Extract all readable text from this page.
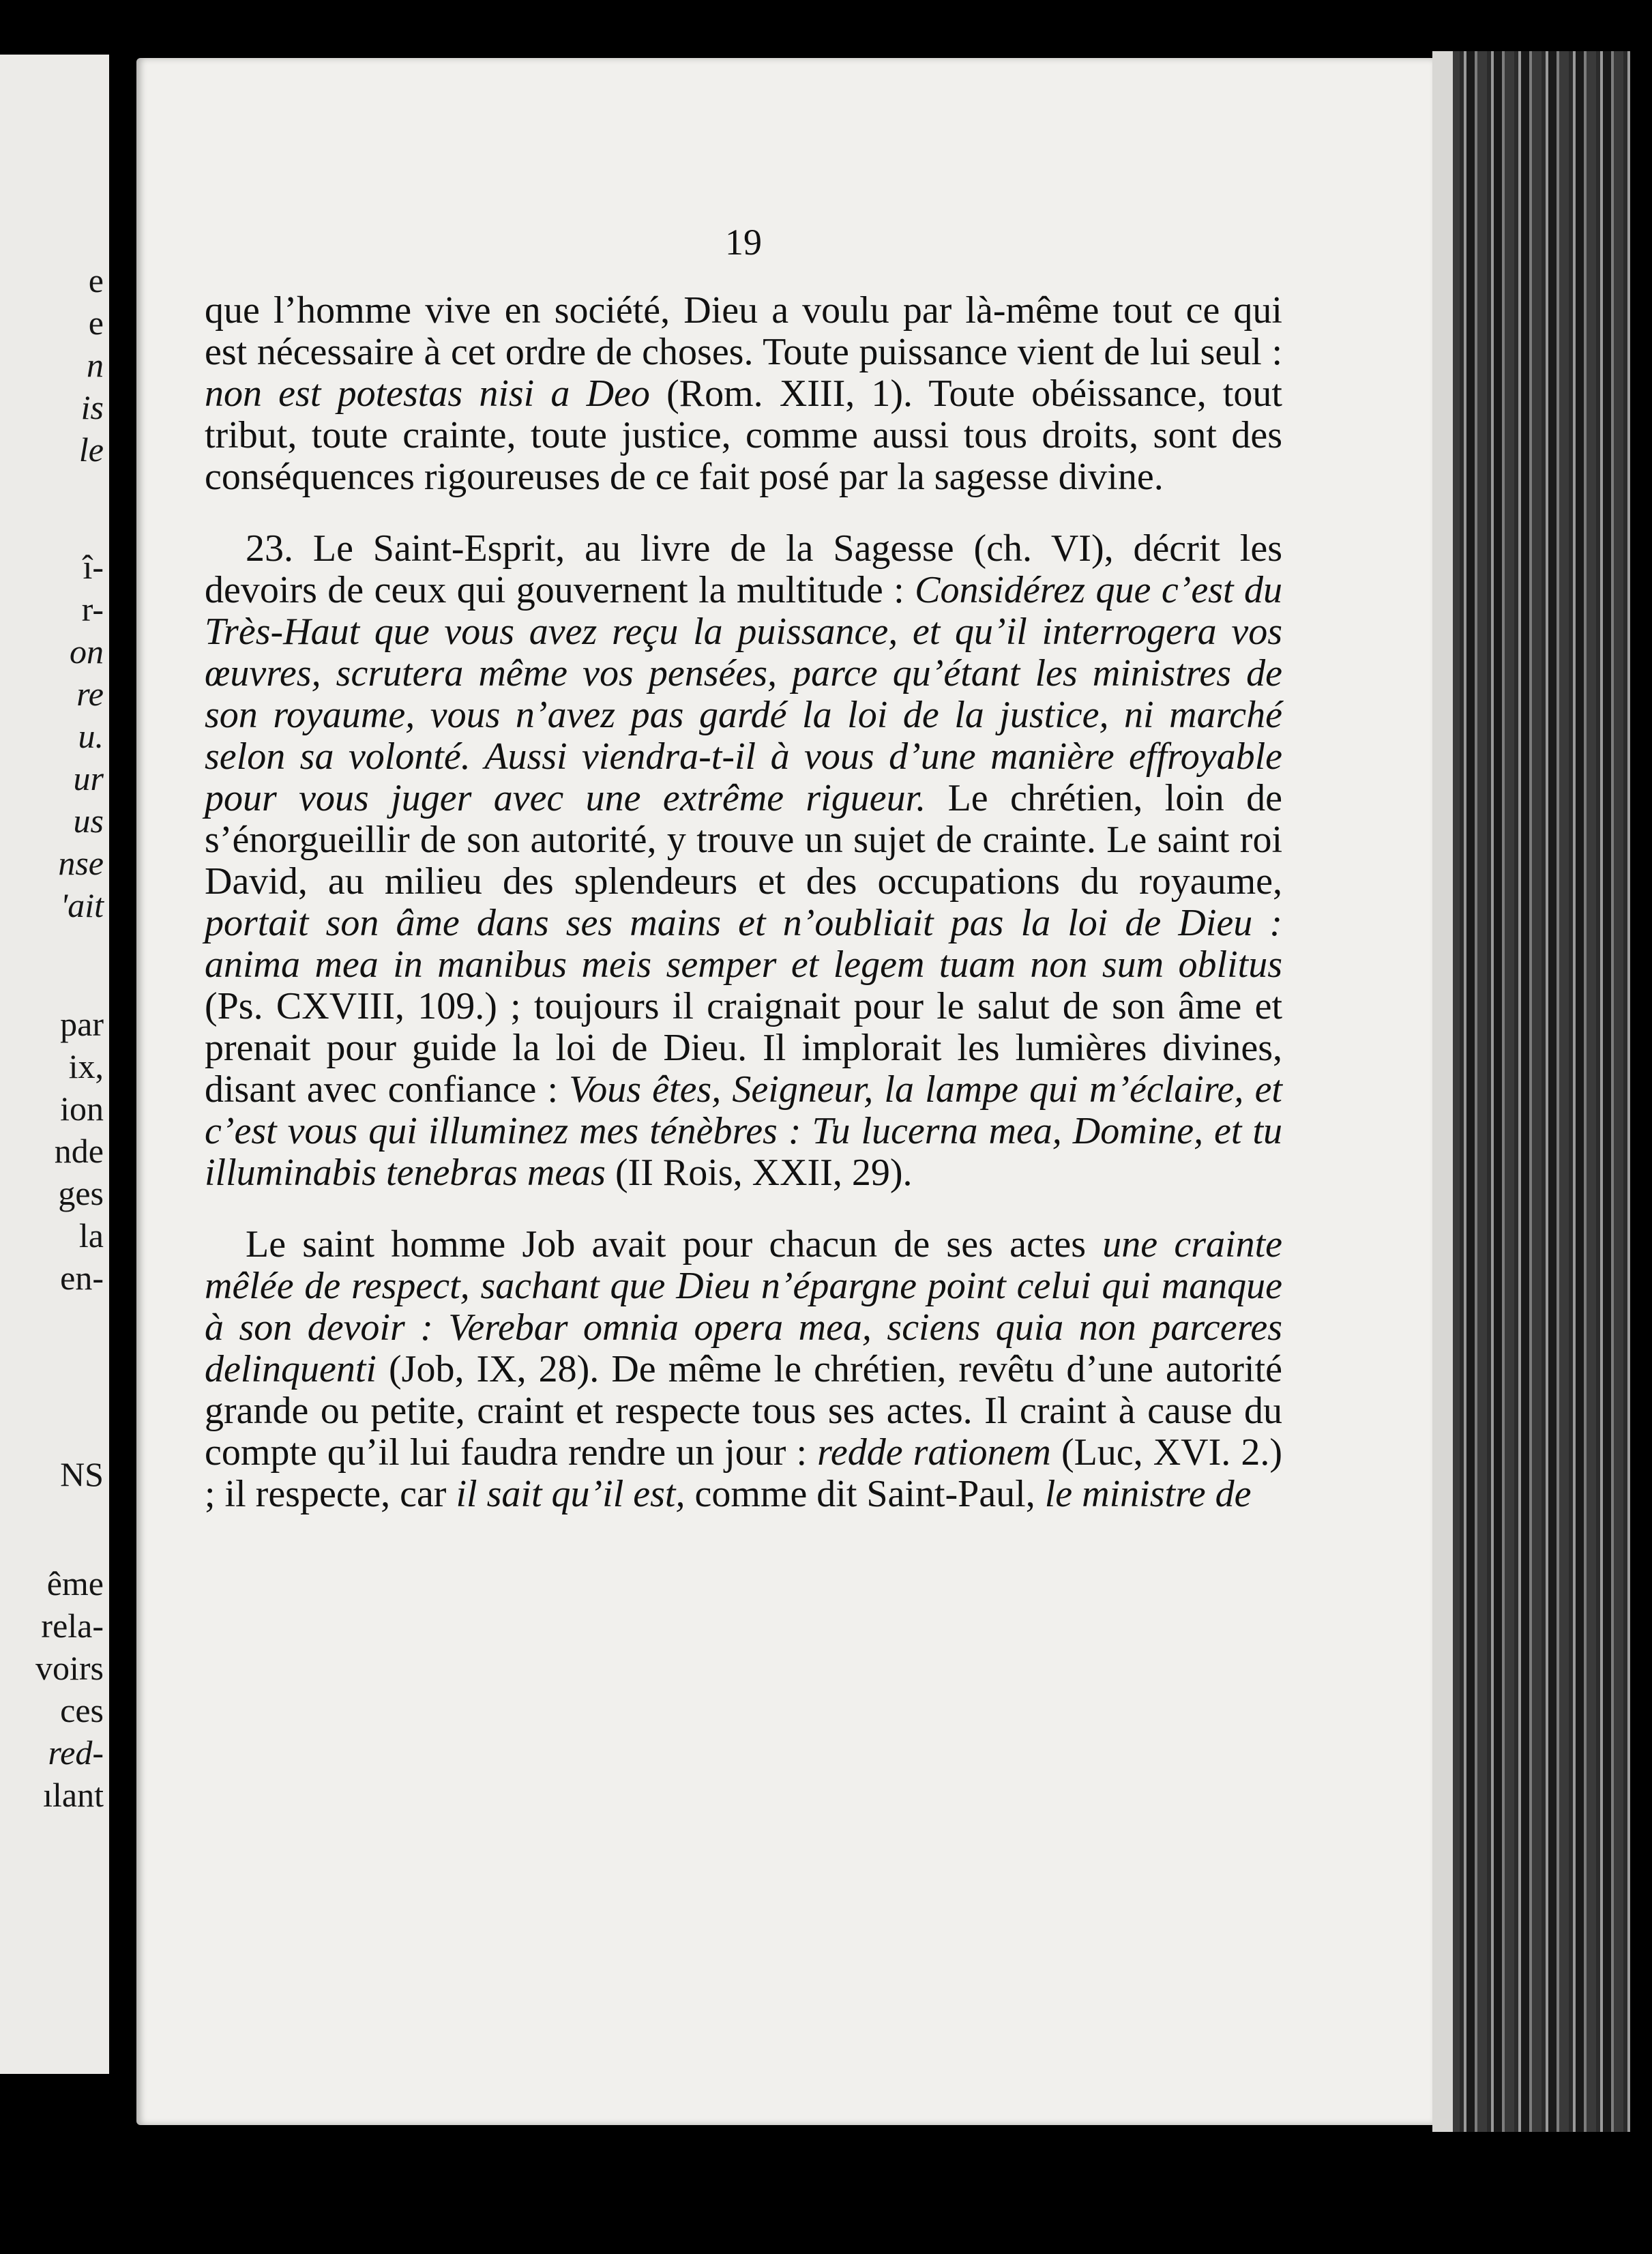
e
e
n
is
le
î-
r-
on
re
u.
ur
us
nse
'ait
par
ix,
ion
nde
ges
la
en-
NS
ême
rela-
voirs
ces
red-
ılant
19

que l’homme vive en société, Dieu a voulu par là-même tout ce qui est nécessaire à cet ordre de choses. Toute puissance vient de lui seul : non est potestas nisi a Deo (Rom. XIII, 1). Toute obéissance, tout tribut, toute crainte, toute justice, comme aussi tous droits, sont des conséquences rigoureuses de ce fait posé par la sagesse divine.

23. Le Saint-Esprit, au livre de la Sagesse (ch. VI), décrit les devoirs de ceux qui gouvernent la multitude : Considérez que c’est du Très-Haut que vous avez reçu la puissance, et qu’il interrogera vos œuvres, scrutera même vos pensées, parce qu’étant les ministres de son royaume, vous n’avez pas gardé la loi de la justice, ni marché selon sa volonté. Aussi viendra-t-il à vous d’une manière effroyable pour vous juger avec une extrême rigueur. Le chrétien, loin de s’énorgueillir de son autorité, y trouve un sujet de crainte. Le saint roi David, au milieu des splendeurs et des occupations du royaume, portait son âme dans ses mains et n’oubliait pas la loi de Dieu : anima mea in manibus meis semper et legem tuam non sum oblitus (Ps. CXVIII, 109.) ; toujours il craignait pour le salut de son âme et prenait pour guide la loi de Dieu. Il implorait les lumières divines, disant avec confiance : Vous êtes, Seigneur, la lampe qui m’éclaire, et c’est vous qui illuminez mes ténèbres : Tu lucerna mea, Domine, et tu illuminabis tenebras meas (II Rois, XXII, 29).

Le saint homme Job avait pour chacun de ses actes une crainte mêlée de respect, sachant que Dieu n’épargne point celui qui manque à son devoir : Verebar omnia opera mea, sciens quia non parceres delinquenti (Job, IX, 28). De même le chrétien, revêtu d’une autorité grande ou petite, craint et respecte tous ses actes. Il craint à cause du compte qu’il lui faudra rendre un jour : redde rationem (Luc, XVI. 2.) ; il respecte, car il sait qu’il est, comme dit Saint-Paul, le ministre de
